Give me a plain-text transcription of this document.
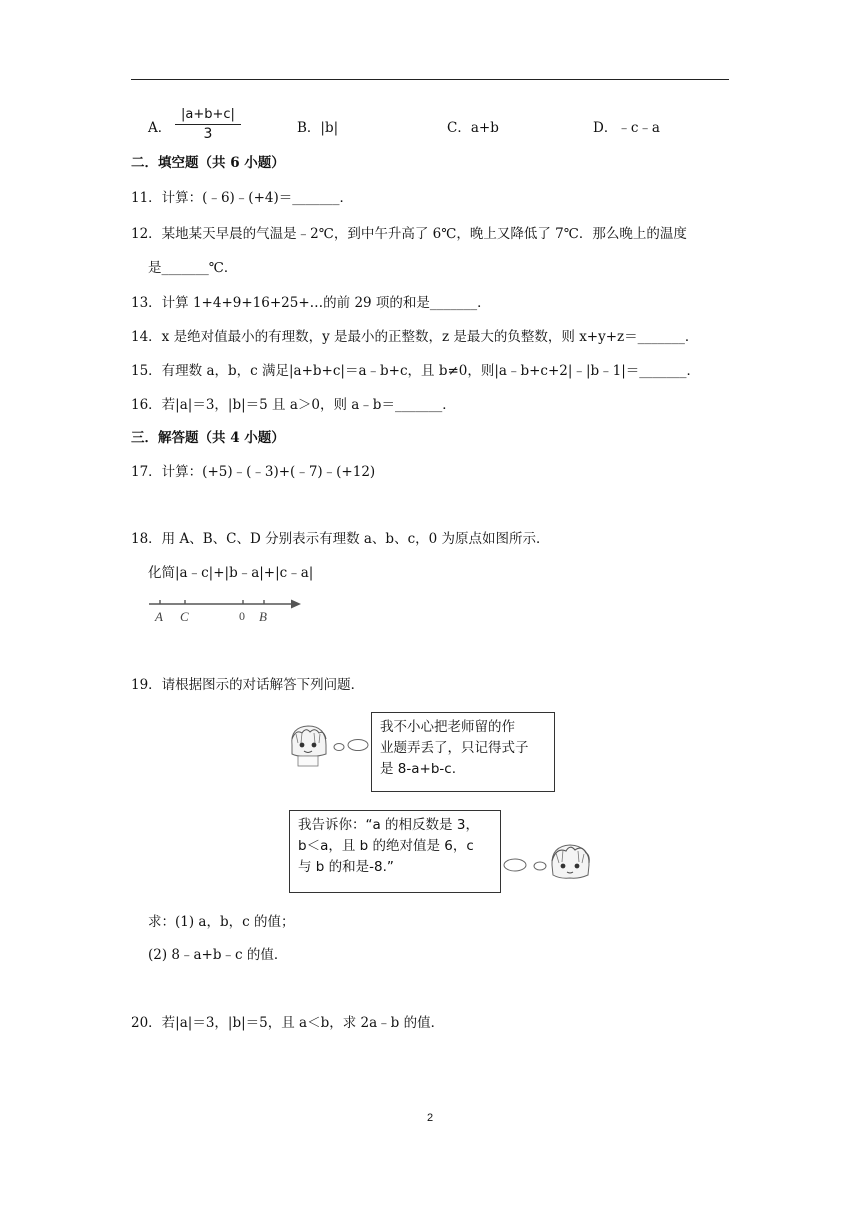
A． $\frac{|a+b+c|}{3}$	B．|b|	C．a+b	D．﹣c﹣a
二．填空题（共 6 小题）
11．计算：(﹣6)﹣(+4)＝_______．
12．某地某天早晨的气温是﹣2℃，到中午升高了 6℃，晚上又降低了 7℃．那么晚上的温度
是_______℃．
13．计算 1+4+9+16+25+…的前 29 项的和是_______．
14．x 是绝对值最小的有理数，y 是最小的正整数，z 是最大的负整数，则 x+y+z＝_______．
15．有理数 a，b，c 满足|a+b+c|＝a﹣b+c，且 b≠0，则|a﹣b+c+2|﹣|b﹣1|＝_______．
16．若|a|＝3，|b|＝5 且 a＞0，则 a﹣b＝_______．
三．解答题（共 4 小题）
17．计算：(+5)﹣(﹣3)+(﹣7)﹣(+12)
18．用 A、B、C、D 分别表示有理数 a、b、c，0 为原点如图所示．
化简|a﹣c|+|b﹣a|+|c﹣a|
A C	0 B
19．请根据图示的对话解答下列问题．
我不小心把老师留的作
业题弄丢了，只记得式子
是 8-a+b-c.
我告诉你：“a 的相反数是 3，
b＜a，且 b 的绝对值是 6，c
与 b 的和是-8.”
求：(1) a，b，c 的值；
(2) 8﹣a+b﹣c 的值．
20．若|a|＝3，|b|＝5，且 a＜b，求 2a﹣b 的值．
2
